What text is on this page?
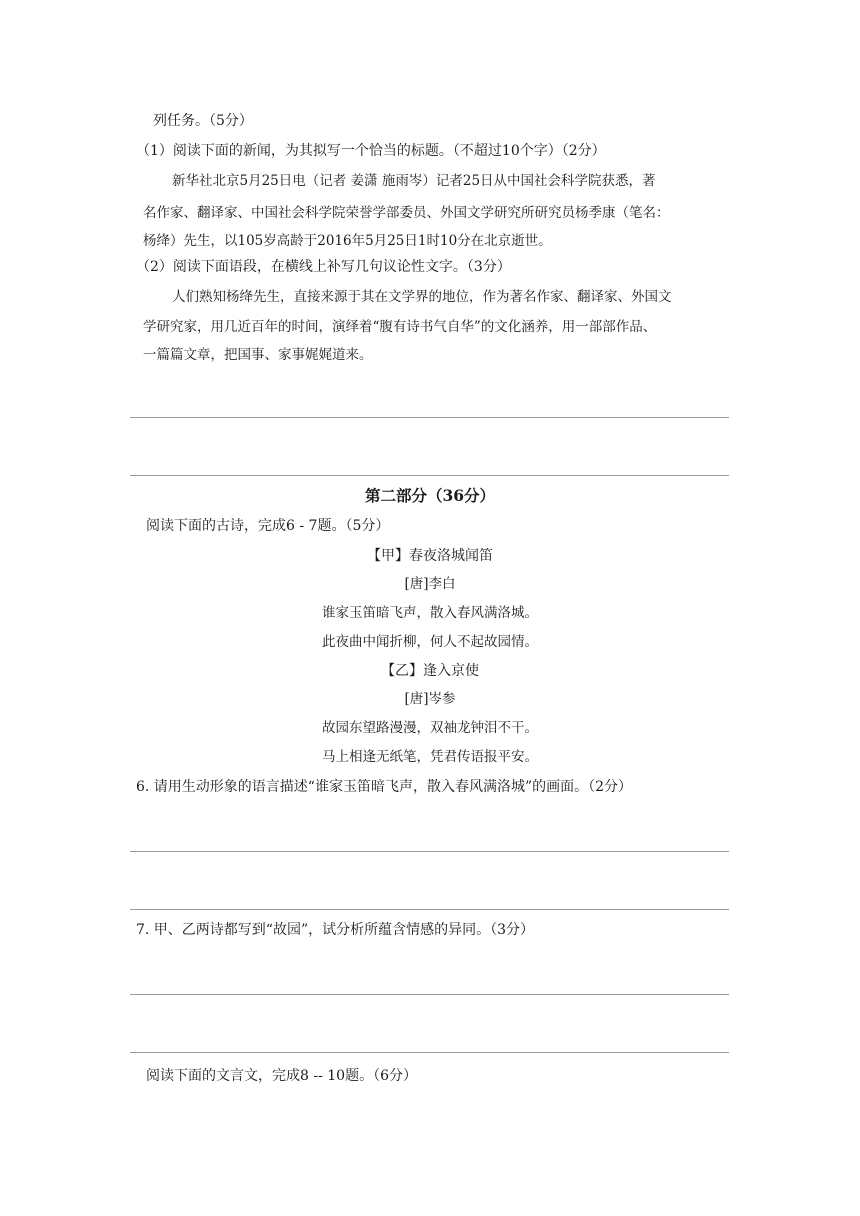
列任务。（5分）
（1）阅读下面的新闻，为其拟写一个恰当的标题。（不超过10个字）（2分）
新华社北京5月25日电（记者 姜潇 施雨岑）记者25日从中国社会科学院获悉，著
名作家、翻译家、中国社会科学院荣誉学部委员、外国文学研究所研究员杨季康（笔名：
杨绛）先生，以105岁高龄于2016年5月25日1时10分在北京逝世。
（2）阅读下面语段，在横线上补写几句议论性文字。（3分）
人们熟知杨绛先生，直接来源于其在文学界的地位，作为著名作家、翻译家、外国文
学研究家，用几近百年的时间，演绎着“腹有诗书气自华”的文化涵养，用一部部作品、
一篇篇文章，把国事、家事娓娓道来。
第二部分（36分）
阅读下面的古诗，完成6 - 7题。（5分）
【甲】春夜洛城闻笛
[唐]李白
谁家玉笛暗飞声，散入春风满洛城。
此夜曲中闻折柳，何人不起故园情。
【乙】逢入京使
[唐]岑参
故园东望路漫漫，双袖龙钟泪不干。
马上相逢无纸笔，凭君传语报平安。
6. 请用生动形象的语言描述“谁家玉笛暗飞声，散入春风满洛城”的画面。（2分）
7. 甲、乙两诗都写到“故园”，试分析所蕴含情感的异同。（3分）
阅读下面的文言文，完成8 -- 10题。（6分）
